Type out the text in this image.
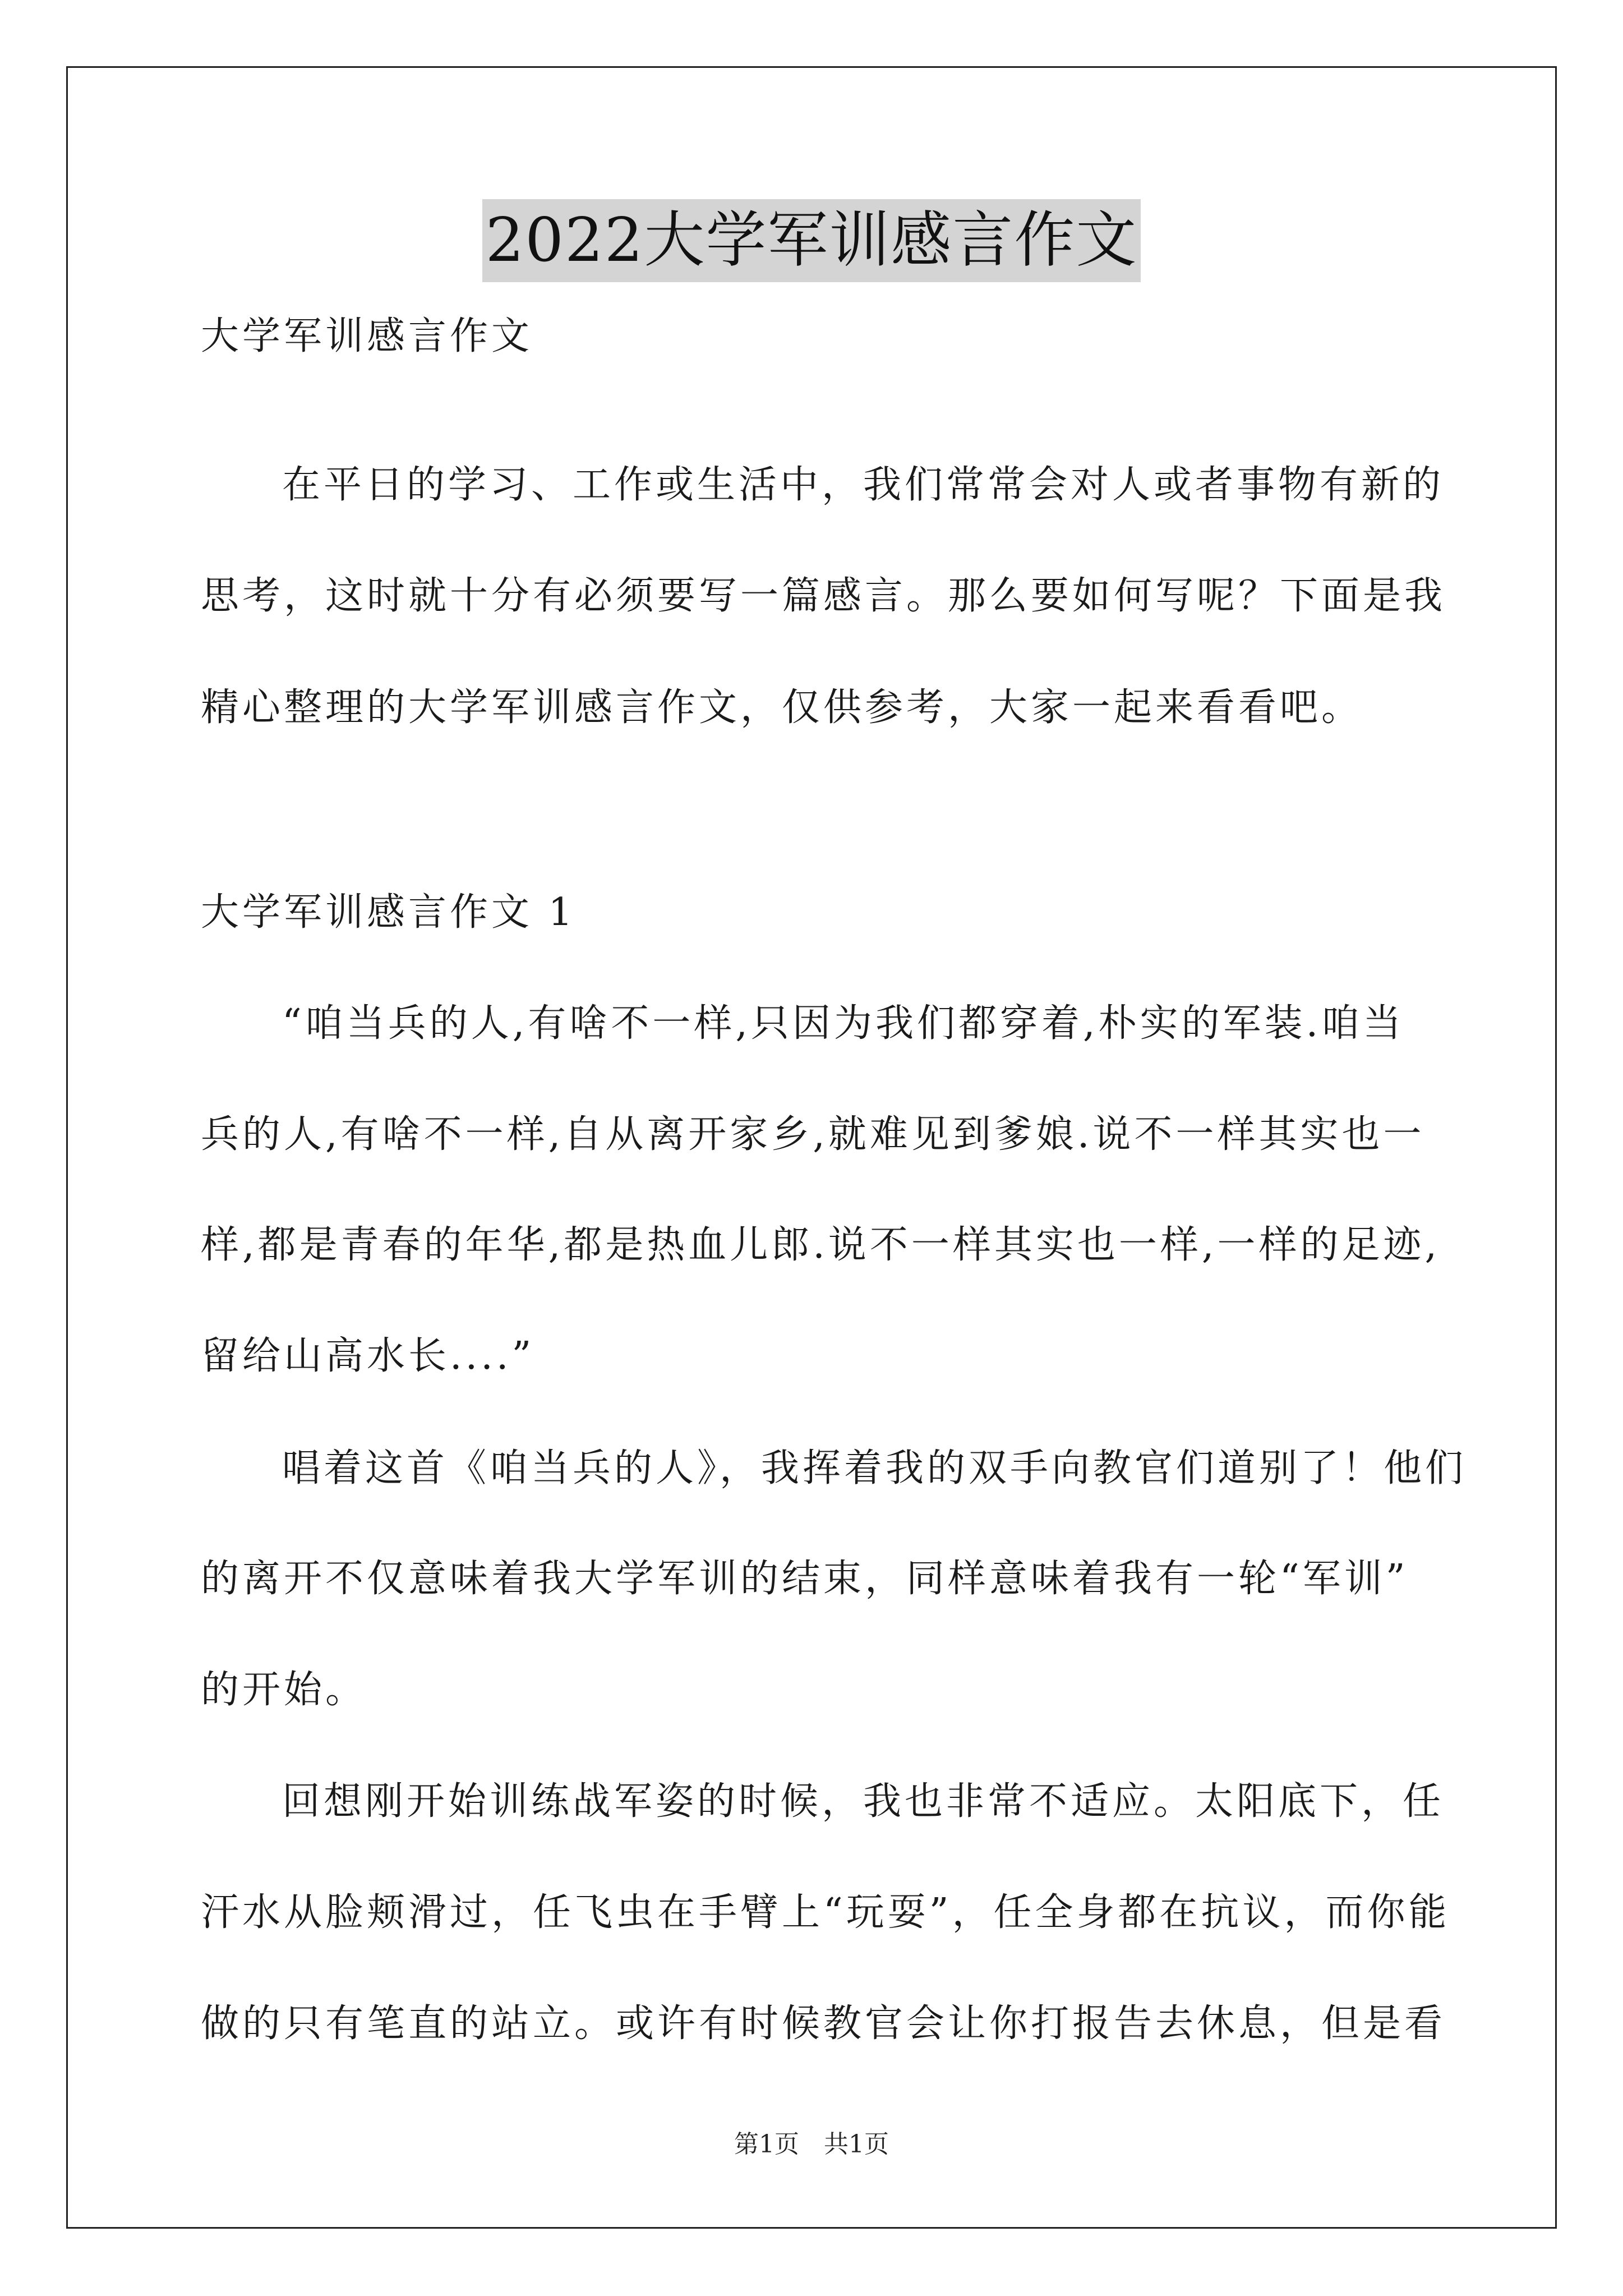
2022大学军训感言作文
大学军训感言作文
在平日的学习、工作或生活中，我们常常会对人或者事物有新的
思考，这时就十分有必须要写一篇感言。那么要如何写呢？下面是我
精心整理的大学军训感言作文，仅供参考，大家一起来看看吧。
大学军训感言作文 1
“咱当兵的人,有啥不一样,只因为我们都穿着,朴实的军装.咱当
兵的人,有啥不一样,自从离开家乡,就难见到爹娘.说不一样其实也一
样,都是青春的年华,都是热血儿郎.说不一样其实也一样,一样的足迹,
留给山高水长....”
唱着这首《咱当兵的人》，我挥着我的双手向教官们道别了！他们
的离开不仅意味着我大学军训的结束，同样意味着我有一轮“军训”
的开始。
回想刚开始训练战军姿的时候，我也非常不适应。太阳底下，任
汗水从脸颊滑过，任飞虫在手臂上“玩耍”，任全身都在抗议，而你能
做的只有笔直的站立。或许有时候教官会让你打报告去休息，但是看
第1页　共1页
